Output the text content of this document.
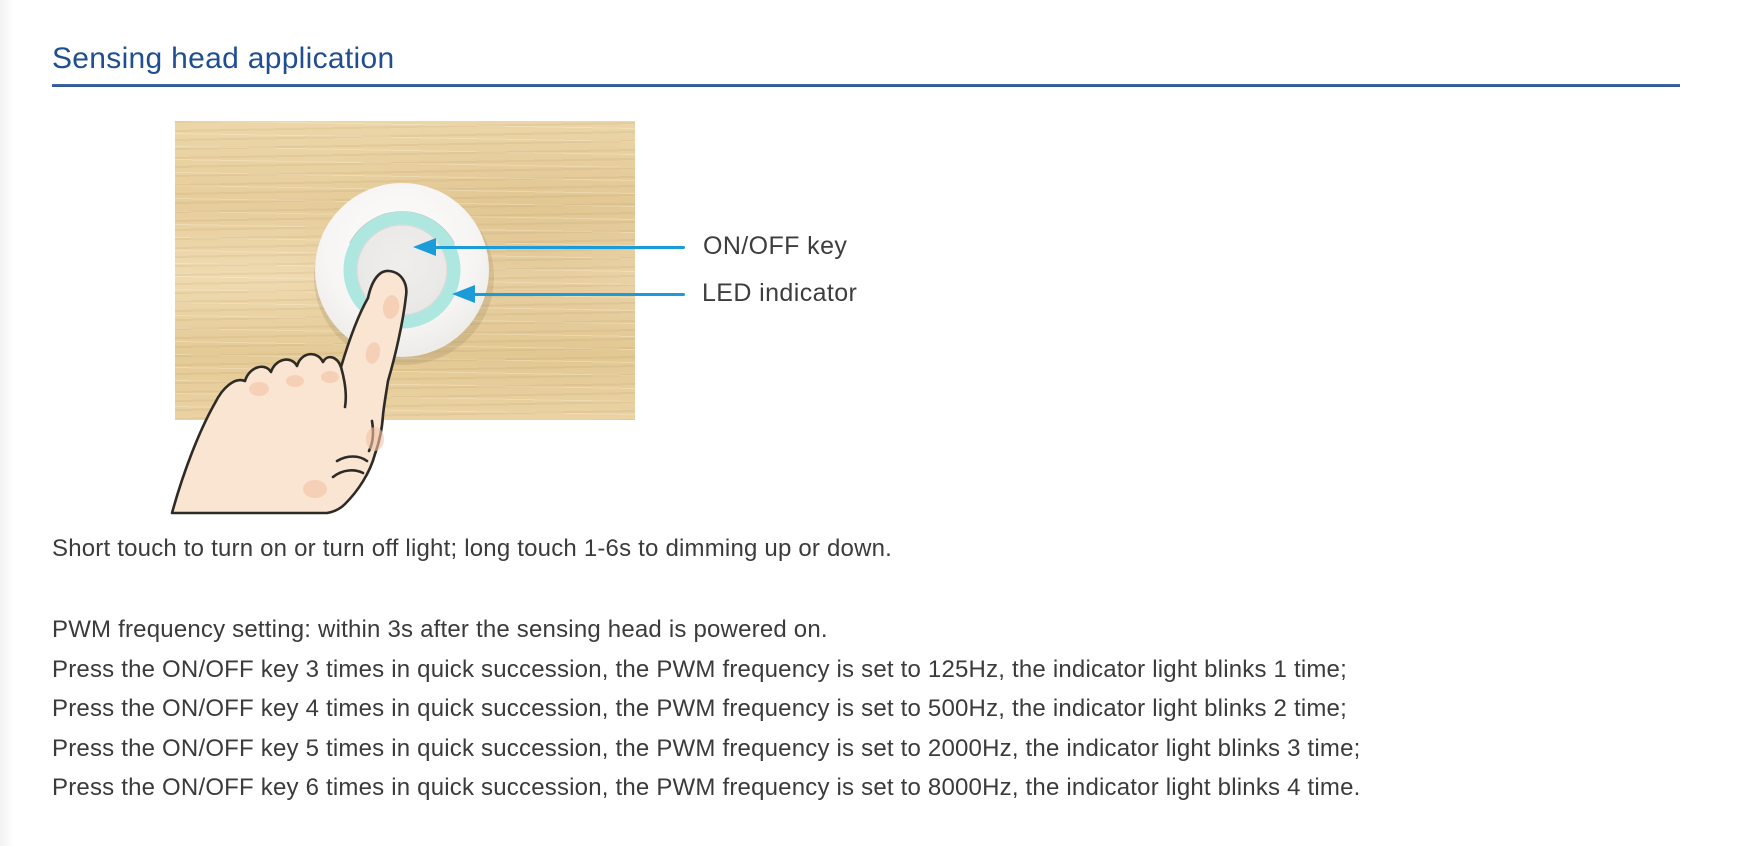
Sensing head application
ON/OFF key
LED indicator
Short touch to turn on or turn off light; long touch 1-6s to dimming up or down.
PWM frequency setting: within 3s after the sensing head is powered on.
Press the ON/OFF key 3 times in quick succession, the PWM frequency is set to 125Hz, the indicator light blinks 1 time;
Press the ON/OFF key 4 times in quick succession, the PWM frequency is set to 500Hz, the indicator light blinks 2 time;
Press the ON/OFF key 5 times in quick succession, the PWM frequency is set to 2000Hz, the indicator light blinks 3 time;
Press the ON/OFF key 6 times in quick succession, the PWM frequency is set to 8000Hz, the indicator light blinks 4 time.
